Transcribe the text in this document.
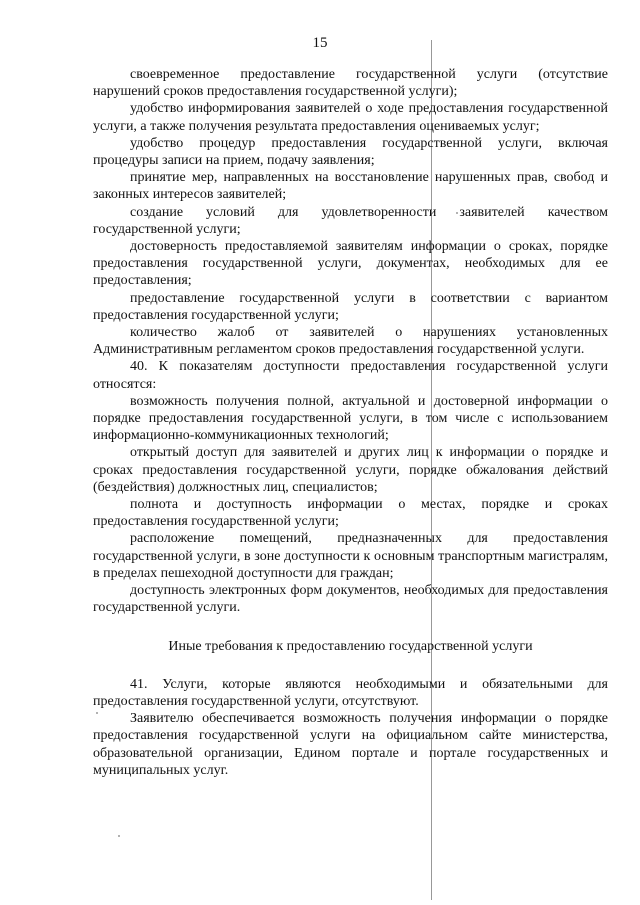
15

своевременное предоставление государственной услуги (отсутствие нарушений сроков предоставления государственной услуги);

удобство информирования заявителей о ходе предоставления государственной услуги, а также получения результата предоставления оцениваемых услуг;

удобство процедур предоставления государственной услуги, включая процедуры записи на прием, подачу заявления;

принятие мер, направленных на восстановление нарушенных прав, свобод и законных интересов заявителей;

создание условий для удовлетворенности заявителей качеством государственной услуги;

достоверность предоставляемой заявителям информации о сроках, порядке предоставления государственной услуги, документах, необходимых для ее предоставления;

предоставление государственной услуги в соответствии с вариантом предоставления государственной услуги;

количество жалоб от заявителей о нарушениях установленных Административным регламентом сроков предоставления государственной услуги.

40. К показателям доступности предоставления государственной услуги относятся:

возможность получения полной, актуальной и достоверной информации о порядке предоставления государственной услуги, в том числе с использованием информационно-коммуникационных технологий;

открытый доступ для заявителей и других лиц к информации о порядке и сроках предоставления государственной услуги, порядке обжалования действий (бездействия) должностных лиц, специалистов;

полнота и доступность информации о местах, порядке и сроках предоставления государственной услуги;

расположение помещений, предназначенных для предоставления государственной услуги, в зоне доступности к основным транспортным магистралям, в пределах пешеходной доступности для граждан;

доступность электронных форм документов, необходимых для предоставления государственной услуги.

Иные требования к предоставлению государственной услуги

41. Услуги, которые являются необходимыми и обязательными для предоставления государственной услуги, отсутствуют.

Заявителю обеспечивается возможность получения информации о порядке предоставления государственной услуги на официальном сайте министерства, образовательной организации, Едином портале и портале государственных и муниципальных услуг.
